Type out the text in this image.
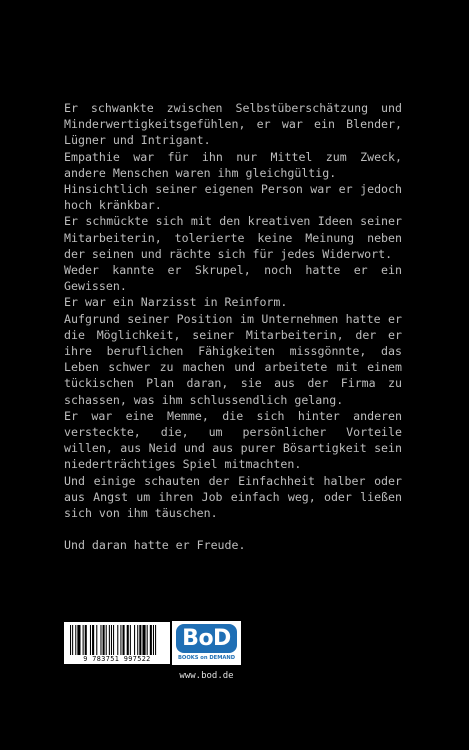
Er schwankte zwischen Selbstüberschätzung und Minderwertigkeitsgefühlen, er war ein Blender, Lügner und Intrigant.

Empathie war für ihn nur Mittel zum Zweck, andere Menschen waren ihm gleichgültig.

Hinsichtlich seiner eigenen Person war er jedoch hoch kränkbar.

Er schmückte sich mit den kreativen Ideen seiner Mitarbeiterin, tolerierte keine Meinung neben der seinen und rächte sich für jedes Widerwort.

Weder kannte er Skrupel, noch hatte er ein Gewissen.

Er war ein Narzisst in Reinform.

Aufgrund seiner Position im Unternehmen hatte er die Möglichkeit, seiner Mitarbeiterin, der er ihre beruflichen Fähigkeiten missgönnte, das Leben schwer zu machen und arbeitete mit einem tückischen Plan daran, sie aus der Firma zu schassen, was ihm schlussendlich gelang.

Er war eine Memme, die sich hinter anderen versteckte, die, um persönlicher Vorteile willen, aus Neid und aus purer Bösartigkeit sein niederträchtiges Spiel mitmachten.

Und einige schauten der Einfachheit halber oder aus Angst um ihren Job einfach weg, oder ließen sich von ihm täuschen.

Und daran hatte er Freude.

9 783751 997522
BoD
BOOKS on DEMAND
www.bod.de
